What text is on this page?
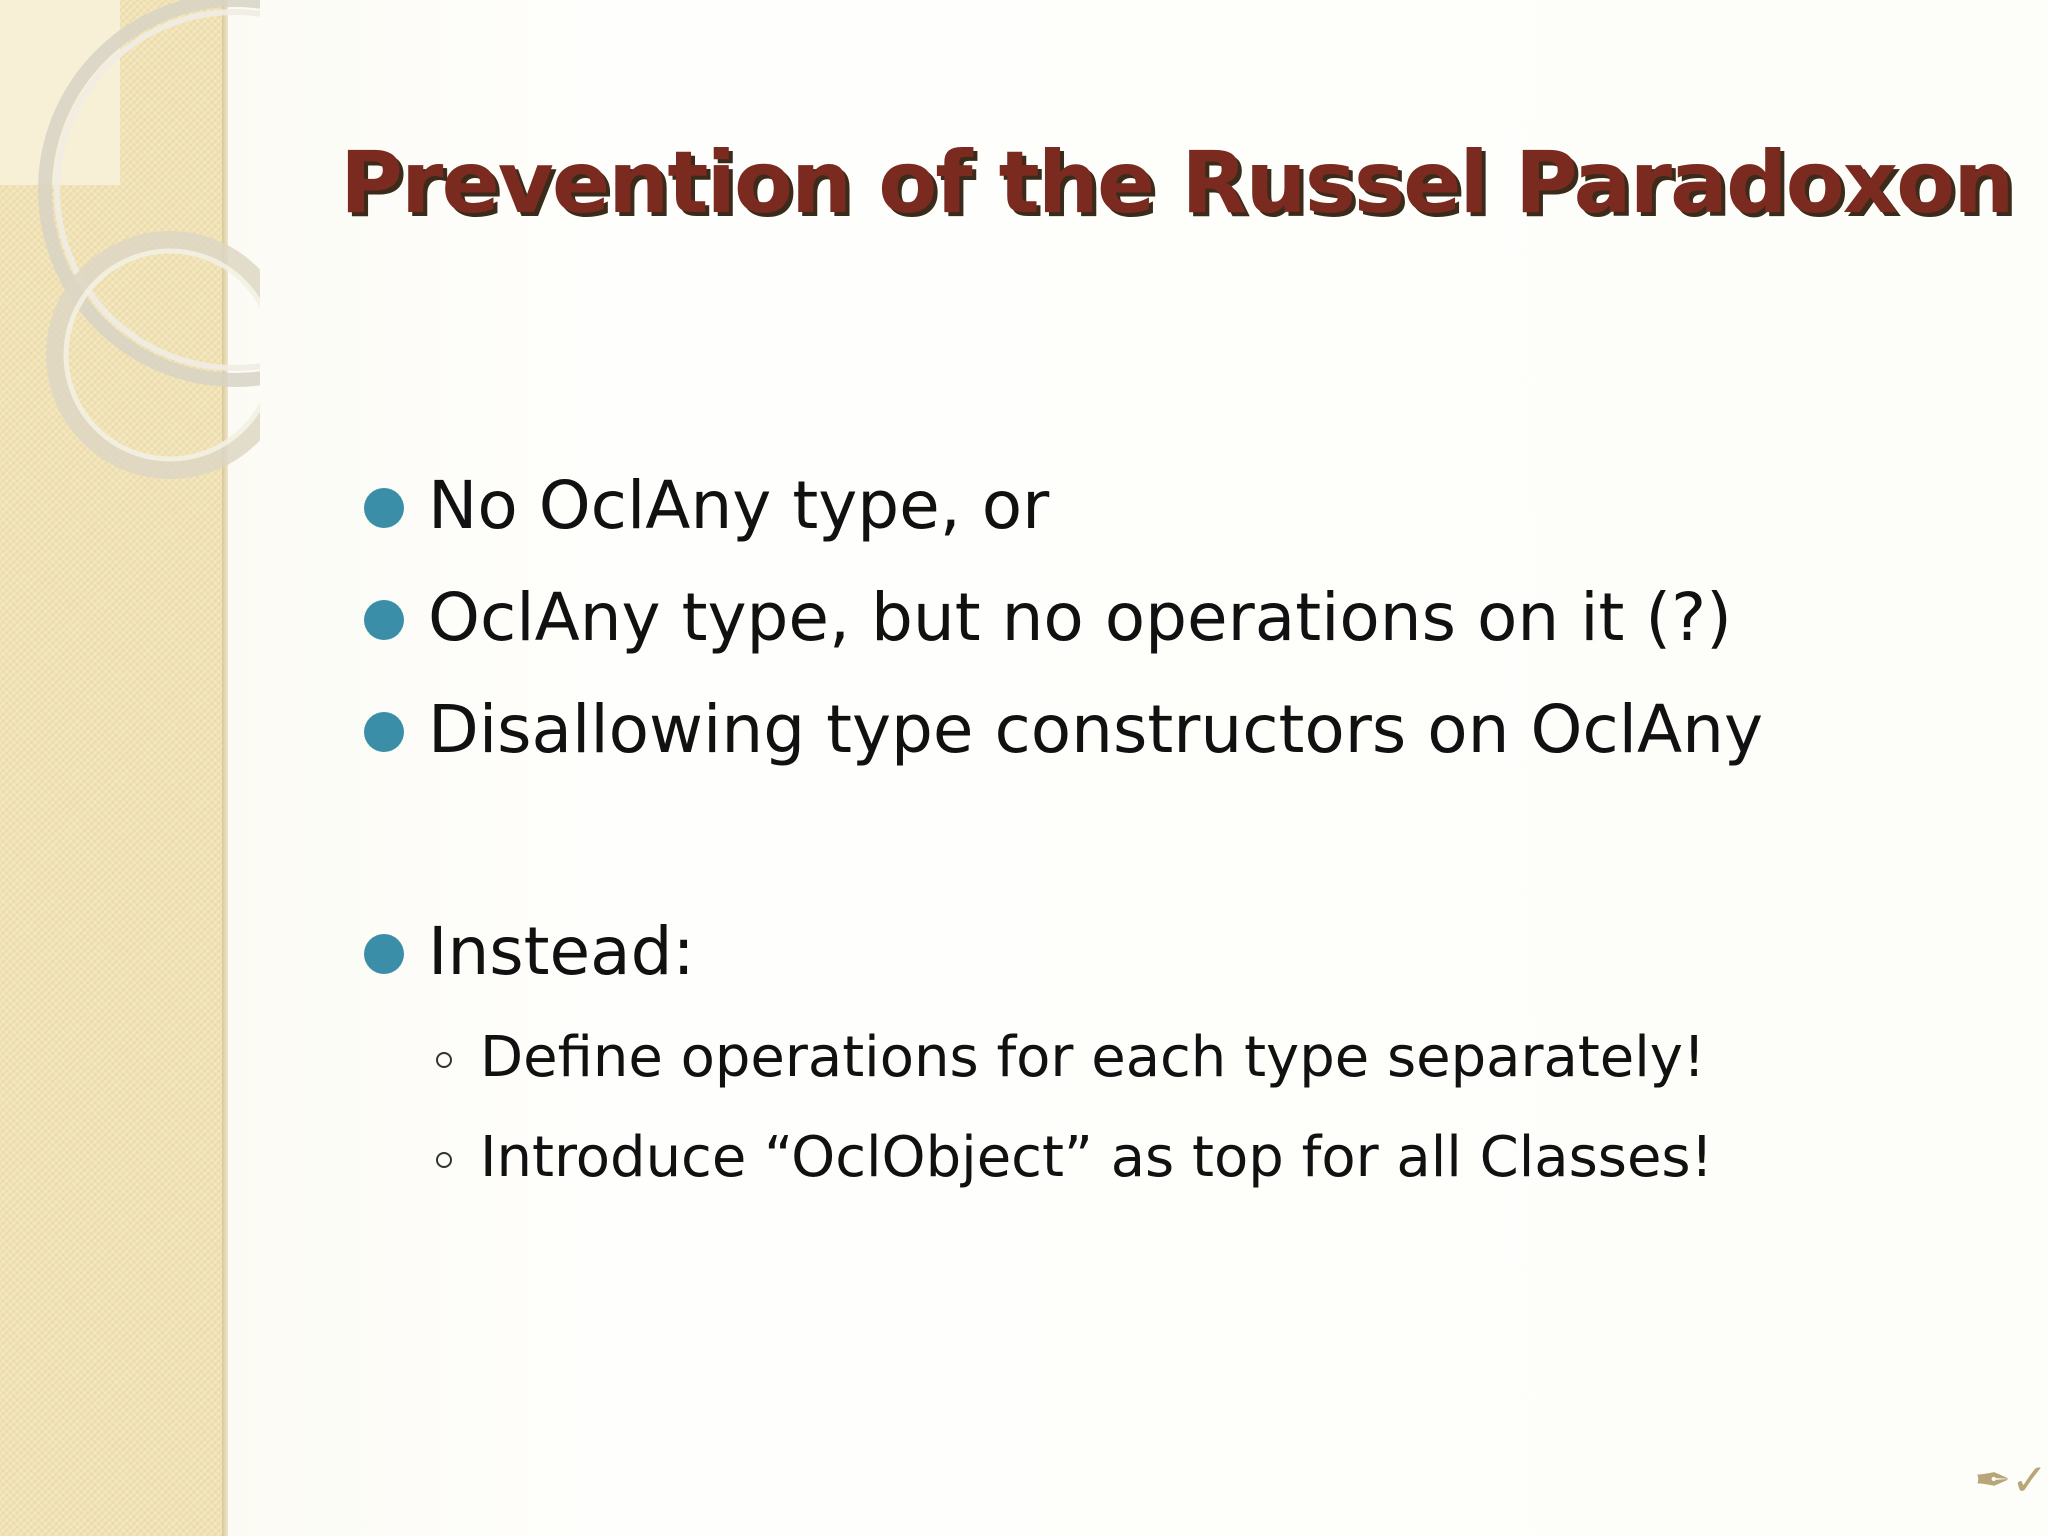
Prevention of the Russel Paradoxon
No OclAny type, or
OclAny type, but no operations on it (?)
Disallowing type constructors on OclAny
Instead:
Define operations for each type separately!
Introduce “OclObject” as top for all Classes!
✒✓
